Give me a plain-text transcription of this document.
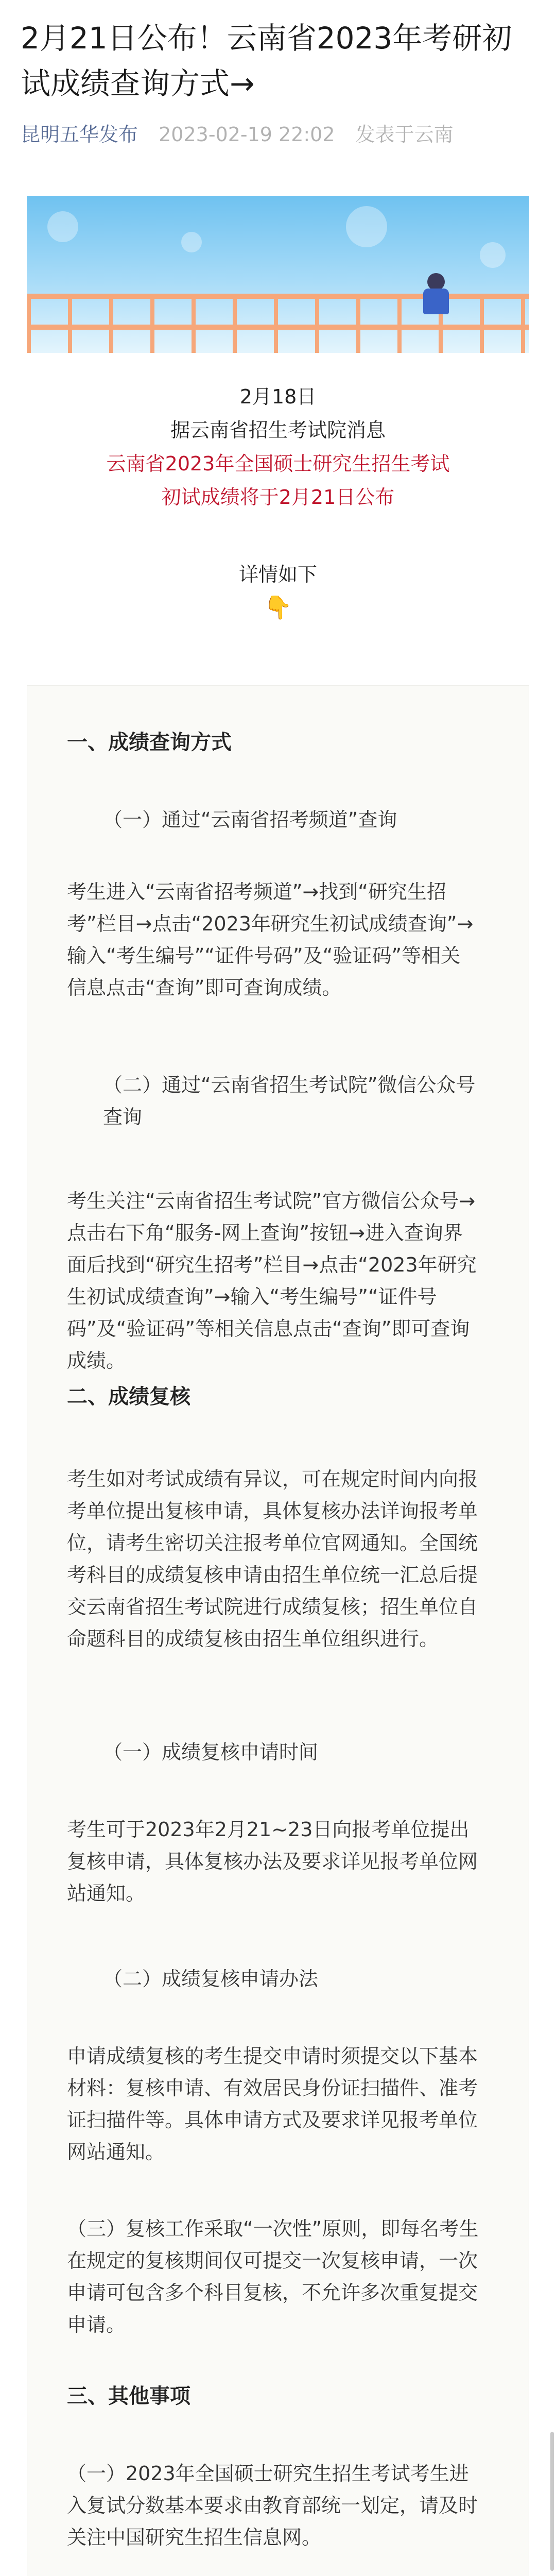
2月21日公布！云南省2023年考研初试成绩查询方式→
昆明五华发布 2023-02-19 22:02 发表于云南
2月18日
据云南省招生考试院消息
云南省2023年全国硕士研究生招生考试
初试成绩将于2月21日公布
详情如下
👇
一、成绩查询方式
（一）通过“云南省招考频道”查询

考生进入“云南省招考频道”→找到“研究生招考”栏目→点击“2023年研究生初试成绩查询”→输入“考生编号”“证件号码”及“验证码”等相关信息点击“查询”即可查询成绩。

（二）通过“云南省招生考试院”微信公众号查询

考生关注“云南省招生考试院”官方微信公众号→点击右下角“服务-网上查询”按钮→进入查询界面后找到“研究生招考”栏目→点击“2023年研究生初试成绩查询”→输入“考生编号”“证件号码”及“验证码”等相关信息点击“查询”即可查询成绩。

二、成绩复核

考生如对考试成绩有异议，可在规定时间内向报考单位提出复核申请，具体复核办法详询报考单位，请考生密切关注报考单位官网通知。全国统考科目的成绩复核申请由招生单位统一汇总后提交云南省招生考试院进行成绩复核；招生单位自命题科目的成绩复核由招生单位组织进行。

（一）成绩复核申请时间

考生可于2023年2月21~23日向报考单位提出复核申请，具体复核办法及要求详见报考单位网站通知。

（二）成绩复核申请办法

申请成绩复核的考生提交申请时须提交以下基本材料：复核申请、有效居民身份证扫描件、准考证扫描件等。具体申请方式及要求详见报考单位网站通知。

（三）复核工作采取“一次性”原则，即每名考生在规定的复核期间仅可提交一次复核申请，一次申请可包含多个科目复核，不允许多次重复提交申请。

三、其他事项

（一）2023年全国硕士研究生招生考试考生进入复试分数基本要求由教育部统一划定，请及时关注中国研究生招生信息网。
